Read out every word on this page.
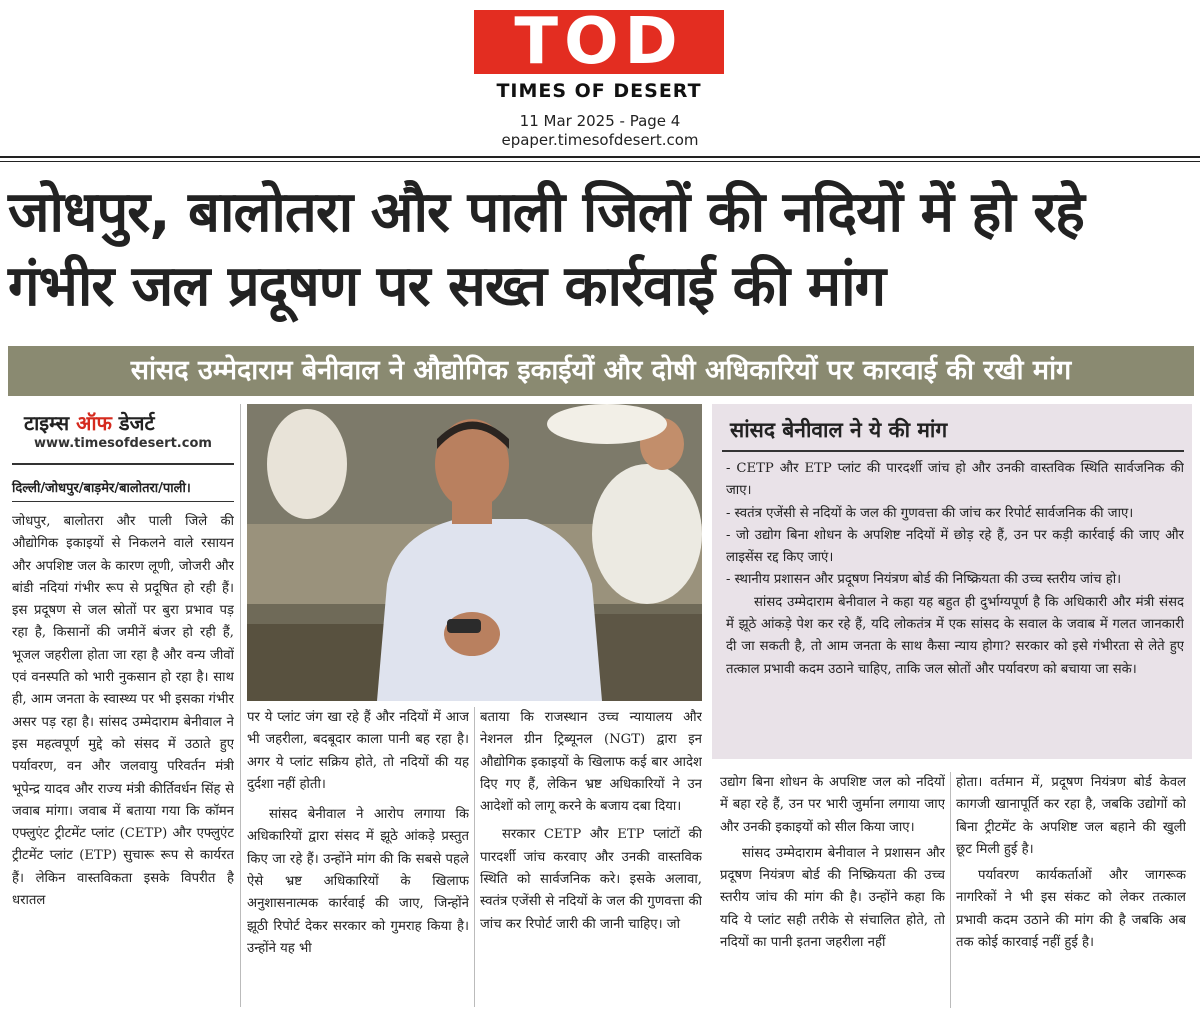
TOD
TIMES OF DESERT
11 Mar 2025 - Page 4
epaper.timesofdesert.com
जोधपुर, बालोतरा और पाली जिलों की नदियों में हो रहे गंभीर जल प्रदूषण पर सख्त कार्रवाई की मांग
सांसद उम्मेदाराम बेनीवाल ने औद्योगिक इकाईयों और दोषी अधिकारियों पर कारवाई की रखी मांग
टाइम्स ऑफ डेजर्ट
www.timesofdesert.com
दिल्ली/जोधपुर/बाड़मेर/बालोतरा/पाली।
जोधपुर, बालोतरा और पाली जिले की औद्योगिक इकाइयों से निकलने वाले रसायन और अपशिष्ट जल के कारण लूणी, जोजरी और बांडी नदियां गंभीर रूप से प्रदूषित हो रही हैं। इस प्रदूषण से जल स्रोतों पर बुरा प्रभाव पड़ रहा है, किसानों की जमीनें बंजर हो रही हैं, भूजल जहरीला होता जा रहा है और वन्य जीवों एवं वनस्पति को भारी नुकसान हो रहा है। साथ ही, आम जनता के स्वास्थ्य पर भी इसका गंभीर असर पड़ रहा है। सांसद उम्मेदाराम बेनीवाल ने इस महत्वपूर्ण मुद्दे को संसद में उठाते हुए पर्यावरण, वन और जलवायु परिवर्तन मंत्री भूपेन्द्र यादव और राज्य मंत्री कीर्तिवर्धन सिंह से जवाब मांगा। जवाब में बताया गया कि कॉमन एफ्लुएंट ट्रीटमेंट प्लांट (CETP) और एफ्लुएंट ट्रीटमेंट प्लांट (ETP) सुचारू रूप से कार्यरत हैं। लेकिन वास्तविकता इसके विपरीत है धरातल
पर ये प्लांट जंग खा रहे हैं और नदियों में आज भी जहरीला, बदबूदार काला पानी बह रहा है। अगर ये प्लांट सक्रिय होते, तो नदियों की यह दुर्दशा नहीं होती।
सांसद बेनीवाल ने आरोप लगाया कि अधिकारियों द्वारा संसद में झूठे आंकड़े प्रस्तुत किए जा रहे हैं। उन्होंने मांग की कि सबसे पहले ऐसे भ्रष्ट अधिकारियों के खिलाफ अनुशासनात्मक कार्रवाई की जाए, जिन्होंने झूठी रिपोर्ट देकर सरकार को गुमराह किया है। उन्होंने यह भी
बताया कि राजस्थान उच्च न्यायालय और नेशनल ग्रीन ट्रिब्यूनल (NGT) द्वारा इन औद्योगिक इकाइयों के खिलाफ कई बार आदेश दिए गए हैं, लेकिन भ्रष्ट अधिकारियों ने उन आदेशों को लागू करने के बजाय दबा दिया।
सरकार CETP और ETP प्लांटों की पारदर्शी जांच करवाए और उनकी वास्तविक स्थिति को सार्वजनिक करे। इसके अलावा, स्वतंत्र एजेंसी से नदियों के जल की गुणवत्ता की जांच कर रिपोर्ट जारी की जानी चाहिए। जो
सांसद बेनीवाल ने ये की मांग

- CETP और ETP प्लांट की पारदर्शी जांच हो और उनकी वास्तविक स्थिति सार्वजनिक की जाए।

- स्वतंत्र एजेंसी से नदियों के जल की गुणवत्ता की जांच कर रिपोर्ट सार्वजनिक की जाए।

- जो उद्योग बिना शोधन के अपशिष्ट नदियों में छोड़ रहे हैं, उन पर कड़ी कार्रवाई की जाए और लाइसेंस रद्द किए जाएं।

- स्थानीय प्रशासन और प्रदूषण नियंत्रण बोर्ड की निष्क्रियता की उच्च स्तरीय जांच हो।

सांसद उम्मेदाराम बेनीवाल ने कहा यह बहुत ही दुर्भाग्यपूर्ण है कि अधिकारी और मंत्री संसद में झूठे आंकड़े पेश कर रहे हैं, यदि लोकतंत्र में एक सांसद के सवाल के जवाब में गलत जानकारी दी जा सकती है, तो आम जनता के साथ कैसा न्याय होगा? सरकार को इसे गंभीरता से लेते हुए तत्काल प्रभावी कदम उठाने चाहिए, ताकि जल स्रोतों और पर्यावरण को बचाया जा सके।

उद्योग बिना शोधन के अपशिष्ट जल को नदियों में बहा रहे हैं, उन पर भारी जुर्माना लगाया जाए और उनकी इकाइयों को सील किया जाए।
सांसद उम्मेदाराम बेनीवाल ने प्रशासन और प्रदूषण नियंत्रण बोर्ड की निष्क्रियता की उच्च स्तरीय जांच की मांग की है। उन्होंने कहा कि यदि ये प्लांट सही तरीके से संचालित होते, तो नदियों का पानी इतना जहरीला नहीं
होता। वर्तमान में, प्रदूषण नियंत्रण बोर्ड केवल कागजी खानापूर्ति कर रहा है, जबकि उद्योगों को बिना ट्रीटमेंट के अपशिष्ट जल बहाने की खुली छूट मिली हुई है।
पर्यावरण कार्यकर्ताओं और जागरूक नागरिकों ने भी इस संकट को लेकर तत्काल प्रभावी कदम उठाने की मांग की है जबकि अब तक कोई कारवाई नहीं हुई है।
